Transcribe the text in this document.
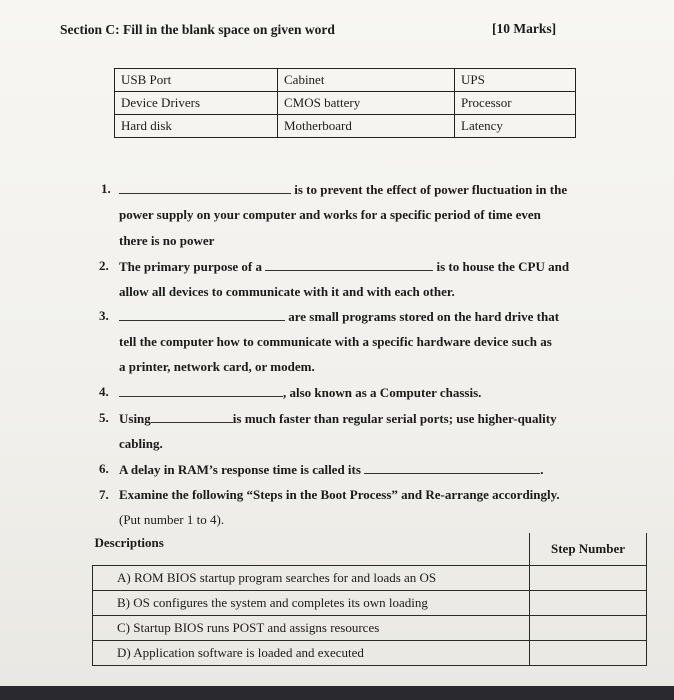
Section C: Fill in the blank space on given word	[10 Marks]
USB Port	Cabinet	UPS
Device Drivers	CMOS battery	Processor
Hard disk	Motherboard	Latency
1.	is to prevent the effect of power fluctuation in the
power supply on your computer and works for a specific period of time even
there is no power
2. The primary purpose of a	is to house the CPU and
allow all devices to communicate with it and with each other.
3.	are small programs stored on the hard drive that
tell the computer how to communicate with a specific hardware device such as
a printer, network card, or modem.
4.	, also known as a Computer chassis.
5. Using	is much faster than regular serial ports; use higher-quality
cabling.
6. A delay in RAM’s response time is called its	.
7. Examine the following “Steps in the Boot Process” and Re-arrange accordingly.
(Put number 1 to 4).
Descriptions	Step Number
A) ROM BIOS startup program searches for and loads an OS	
B) OS configures the system and completes its own loading	
C) Startup BIOS runs POST and assigns resources	
D) Application software is loaded and executed	
